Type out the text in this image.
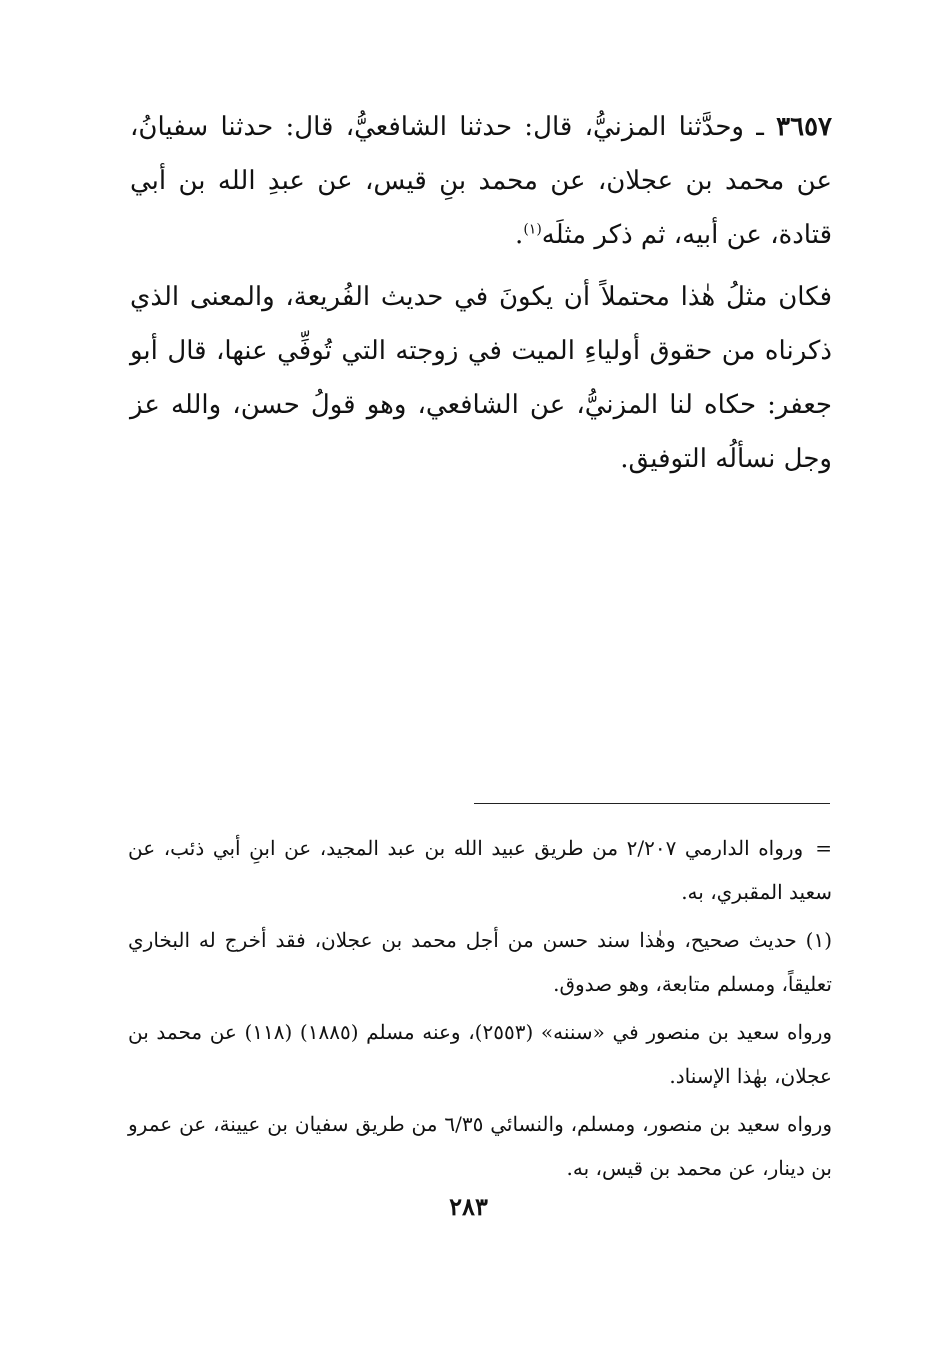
٣٦٥٧ ـ وحدَّثنا المزنيُّ، قال: حدثنا الشافعيُّ، قال: حدثنا سفيانُ، عن محمد بن عجلان، عن محمد بنِ قيس، عن عبدِ الله بن أبي قتادة، عن أبيه، ثم ذكر مثلَه$^{(١)}$.

فكان مثلُ هٰذا محتملاً أن يكونَ في حديث الفُريعة، والمعنى الذي ذكرناه من حقوق أولياءِ الميت في زوجته التي تُوفِّي عنها، قال أبو جعفر: حكاه لنا المزنيُّ، عن الشافعي، وهو قولُ حسن، والله عز وجل نسألُه التوفيق.

=ورواه الدارمي ٢/٢٠٧ من طريق عبيد الله بن عبد المجيد، عن ابنِ أبي ذئب، عن سعيد المقبري، به.

(١) حديث صحيح، وهٰذا سند حسن من أجل محمد بن عجلان، فقد أخرج له البخاري تعليقاً، ومسلم متابعة، وهو صدوق.

ورواه سعيد بن منصور في «سننه» (٢٥٥٣)، وعنه مسلم (١٨٨٥) (١١٨) عن محمد بن عجلان، بهٰذا الإسناد.

ورواه سعيد بن منصور، ومسلم، والنسائي ٦/٣٥ من طريق سفيان بن عيينة، عن عمرو بن دينار، عن محمد بن قيس، به.

٢٨٣
